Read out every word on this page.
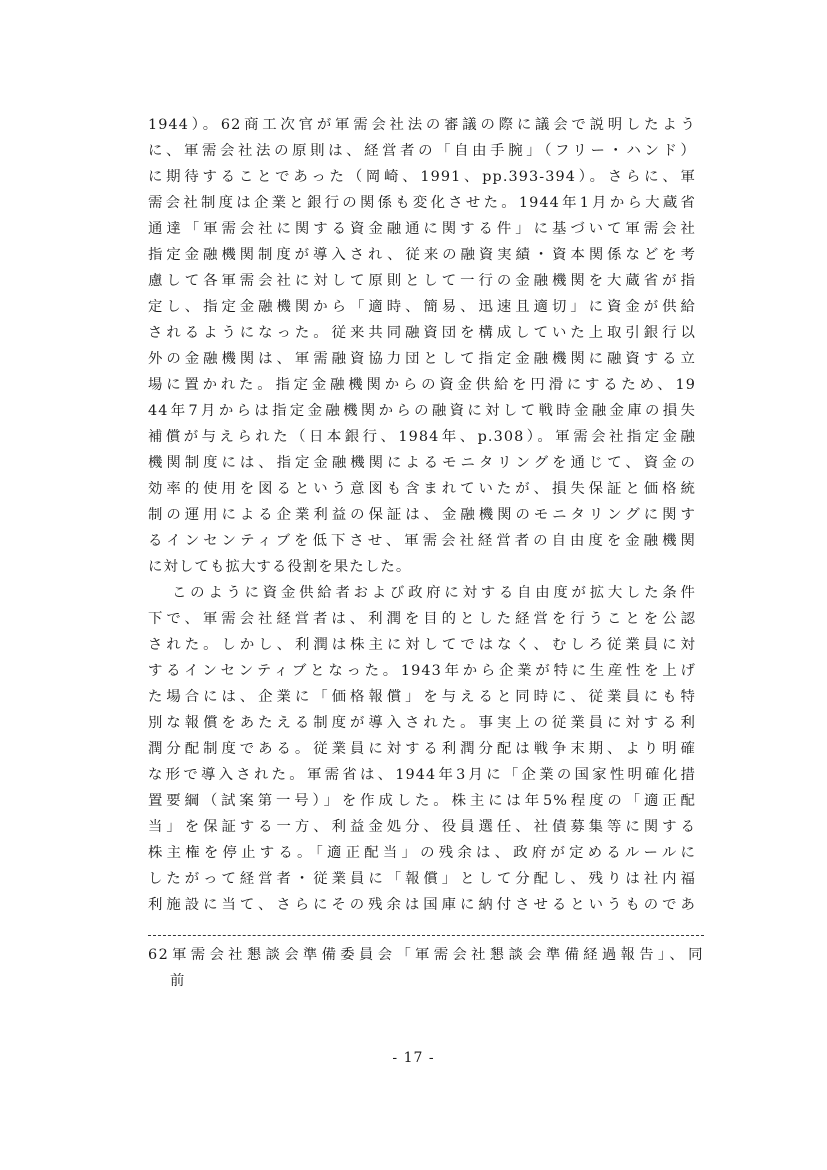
1944）。62商工次官が軍需会社法の審議の際に議会で説明したよう
に、軍需会社法の原則は、経営者の「自由手腕」（フリー・ハンド）
に期待することであった（岡崎、1991、pp.393-394）。さらに、軍
需会社制度は企業と銀行の関係も変化させた。1944年1月から大蔵省
通達「軍需会社に関する資金融通に関する件」に基づいて軍需会社
指定金融機関制度が導入され、従来の融資実績・資本関係などを考
慮して各軍需会社に対して原則として一行の金融機関を大蔵省が指
定し、指定金融機関から「適時、簡易、迅速且適切」に資金が供給
されるようになった。従来共同融資団を構成していた上取引銀行以
外の金融機関は、軍需融資協力団として指定金融機関に融資する立
場に置かれた。指定金融機関からの資金供給を円滑にするため、19
44年7月からは指定金融機関からの融資に対して戦時金融金庫の損失
補償が与えられた（日本銀行、1984年、p.308）。軍需会社指定金融
機関制度には、指定金融機関によるモニタリングを通じて、資金の
効率的使用を図るという意図も含まれていたが、損失保証と価格統
制の運用による企業利益の保証は、金融機関のモニタリングに関す
るインセンティブを低下させ、軍需会社経営者の自由度を金融機関
に対しても拡大する役割を果たした。
このように資金供給者および政府に対する自由度が拡大した条件
下で、軍需会社経営者は、利潤を目的とした経営を行うことを公認
された。しかし、利潤は株主に対してではなく、むしろ従業員に対
するインセンティブとなった。1943年から企業が特に生産性を上げ
た場合には、企業に「価格報償」を与えると同時に、従業員にも特
別な報償をあたえる制度が導入された。事実上の従業員に対する利
潤分配制度である。従業員に対する利潤分配は戦争末期、より明確
な形で導入された。軍需省は、1944年3月に「企業の国家性明確化措
置要綱（試案第一号）」を作成した。株主には年5%程度の「適正配
当」を保証する一方、利益金処分、役員選任、社債募集等に関する
株主権を停止する。「適正配当」の残余は、政府が定めるルールに
したがって経営者・従業員に「報償」として分配し、残りは社内福
利施設に当て、さらにその残余は国庫に納付させるというものであ
62軍需会社懇談会準備委員会「軍需会社懇談会準備経過報告」、同
前
- 17 -
